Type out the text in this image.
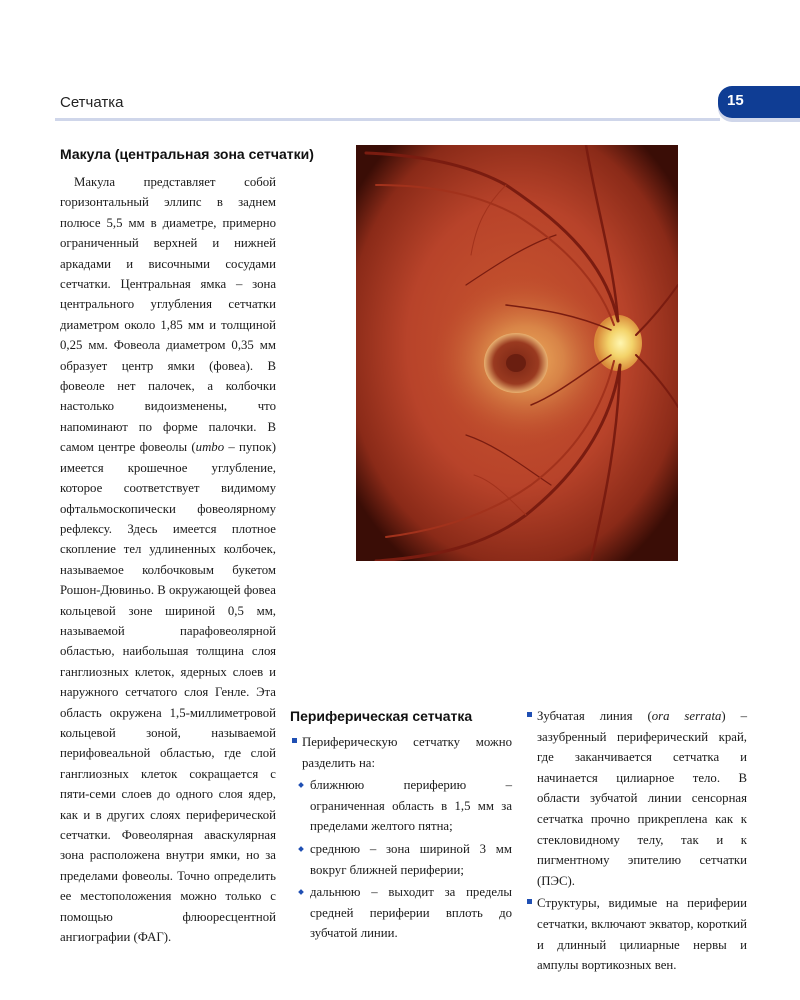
Сетчатка	15
Макула (центральная зона сетчатки)

Макула представляет собой горизонтальный эллипс в заднем полюсе 5,5 мм в диаметре, примерно ограниченный верхней и нижней аркадами и височными сосудами сетчатки. Центральная ямка – зона центрального углубления сетчатки диаметром около 1,85 мм и толщиной 0,25 мм. Фовеола диаметром 0,35 мм образует центр ямки (фовеа). В фовеоле нет палочек, а колбочки настолько видоизменены, что напоминают по форме палочки. В самом центре фовеолы (umbo – пупок) имеется крошечное углубление, которое соответствует видимому офтальмоскопически фовеолярному рефлексу. Здесь имеется плотное скопление тел удлиненных колбочек, называемое колбочковым букетом Рошон-Дювиньо. В окружающей фовеа кольцевой зоне шириной 0,5 мм, называемой парафовеолярной областью, наибольшая толщина слоя ганглиозных клеток, ядерных слоев и наружного сетчатого слоя Генле. Эта область окружена 1,5-миллиметровой кольцевой зоной, называемой перифовеальной областью, где слой ганглиозных клеток сокращается с пяти-семи слоев до одного слоя ядер, как и в других слоях периферической сетчатки. Фовеолярная аваскулярная зона расположена внутри ямки, но за пределами фовеолы. Точно определить ее местоположения можно только с помощью флюоресцентной ангиографии (ФАГ).

Периферическая сетчатка
Периферическую сетчатку можно разделить на:
ближнюю периферию – ограниченная область в 1,5 мм за пределами желтого пятна;
среднюю – зона шириной 3 мм вокруг ближней периферии;
дальнюю – выходит за пределы средней периферии вплоть до зубчатой линии.
Зубчатая линия (ora serrata) – зазубренный периферический край, где заканчивается сетчатка и начинается цилиарное тело. В области зубчатой линии сенсорная сетчатка прочно прикреплена как к стекловидному телу, так и к пигментному эпителию сетчатки (ПЭС).
Структуры, видимые на периферии сетчатки, включают экватор, короткий и длинный цилиарные нервы и ампулы вортикозных вен.
